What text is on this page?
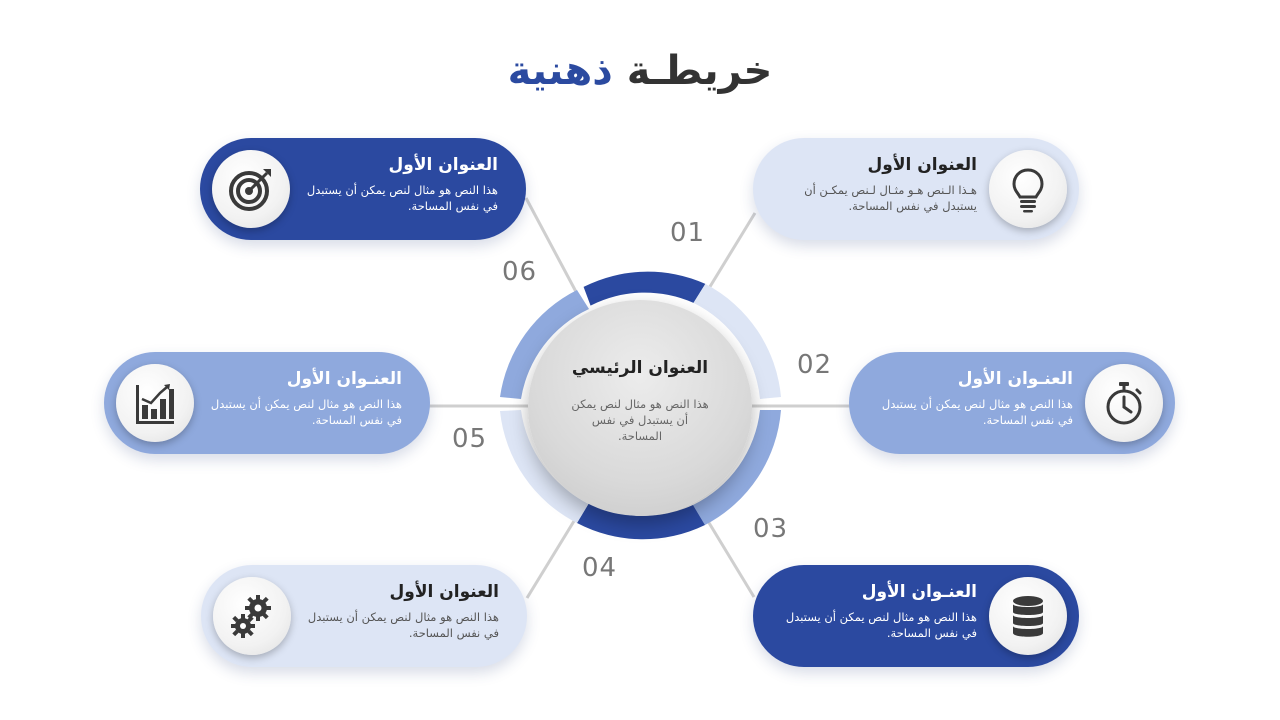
خريطـة ذهنية
العنوان الرئيسي
هذا النص هو مثال لنص يمكن أن يستبدل في نفس المساحة.
01
02
03
04
05
06
العنوان الأول
هـذا الـنص هـو مثـال لـنص يمكـن أن يستبدل في نفس المساحة.
العنـوان الأول
هذا النص هو مثال لنص يمكن أن يستبدل في نفس المساحة.
العنـوان الأول
هذا النص هو مثال لنص يمكن أن يستبدل في نفس المساحة.
العنوان الأول
هذا النص هو مثال لنص يمكن أن يستبدل في نفس المساحة.
العنـوان الأول
هذا النص هو مثال لنص يمكن أن يستبدل في نفس المساحة.
العنوان الأول
هذا النص هو مثال لنص يمكن أن يستبدل في نفس المساحة.
